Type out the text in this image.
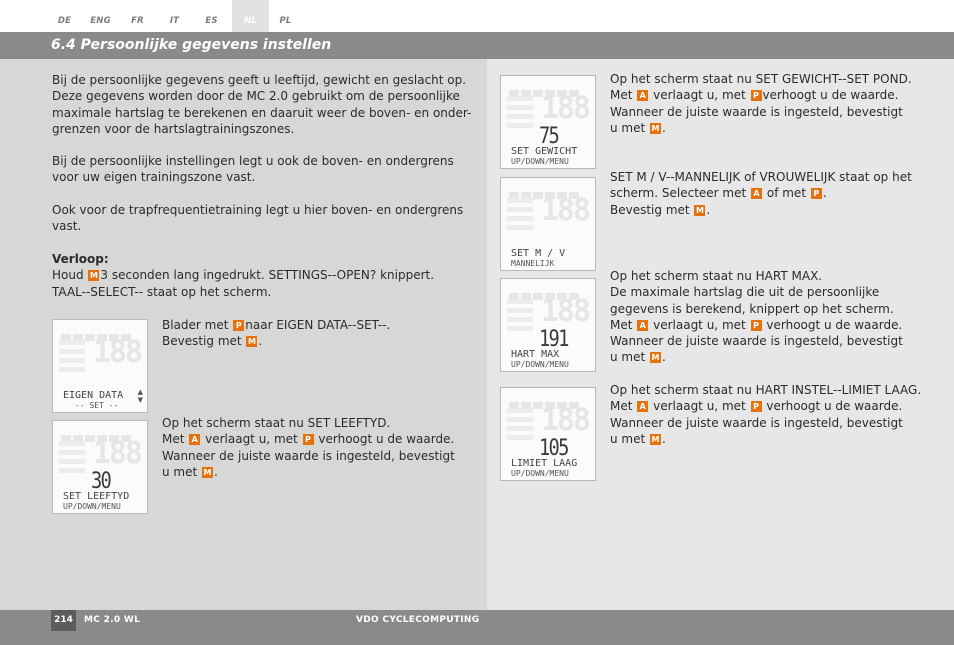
DE	ENG	FR	IT	ES	NL	PL
6.4 Persoonlijke gegevens instellen
Bij de persoonlijke gegevens geeft u leeftijd, gewicht en geslacht op.
Deze gegevens worden door de MC 2.0 gebruikt om de persoonlijke
maximale hartslag te berekenen en daaruit weer de boven- en onder-
grenzen voor de hartslagtrainingszones.
Bij de persoonlijke instellingen legt u ook de boven- en ondergrens
voor uw eigen trainingszone vast.
Ook voor de trapfrequentietraining legt u hier boven- en ondergrens
vast.
Verloop:
Houd M 3 seconden lang ingedrukt. SETTINGS--OPEN? knippert.
TAAL--SELECT-- staat op het scherm.
188
EIGEN DATA
-- SET --
▲
▼
Blader met P naar EIGEN DATA--SET--.
Bevestig met M .
188
30
SET LEEFTYD
UP/DOWN/MENU
Op het scherm staat nu SET LEEFTYD.
Met A verlaagt u, met P verhoogt u de waarde.
Wanneer de juiste waarde is ingesteld, bevestigt
u met M .
188
75
SET GEWICHT
UP/DOWN/MENU
Op het scherm staat nu SET GEWICHT--SET POND.
Met A verlaagt u, met P verhoogt u de waarde.
Wanneer de juiste waarde is ingesteld, bevestigt
u met M .
188
SET M / V
MANNELIJK
SET M / V--MANNELIJK of VROUWELIJK staat op het
scherm. Selecteer met A of met P .
Bevestig met M .
188
191
HART MAX
UP/DOWN/MENU
Op het scherm staat nu HART MAX.
De maximale hartslag die uit de persoonlijke
gegevens is berekend, knippert op het scherm.
Met A verlaagt u, met P verhoogt u de waarde.
Wanneer de juiste waarde is ingesteld, bevestigt
u met M .
188
105
LIMIET LAAG
UP/DOWN/MENU
Op het scherm staat nu HART INSTEL--LIMIET LAAG.
Met A verlaagt u, met P verhoogt u de waarde.
Wanneer de juiste waarde is ingesteld, bevestigt
u met M .
214	MC 2.0 WL	VDO CYCLECOMPUTING
